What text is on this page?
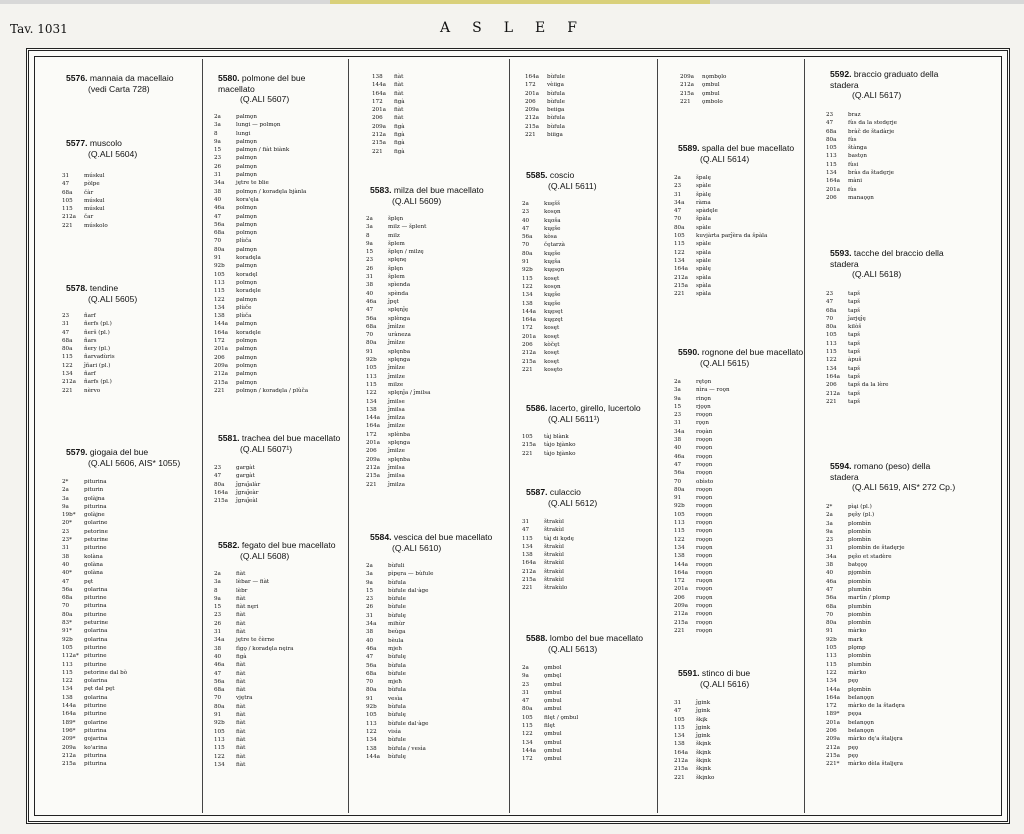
Tav. 1031	ASLEF
5576. mannaia da macellaio
(vedi Carta 728)
5577. muscolo
(Q.ALI 5604)
31	múskul
47	pòlpe
68a	čàr
105	múskul
115	múskul
212a	čar
221	múskolo
5578. tendine
(Q.ALI 5605)
23	ñarf
31	ñerfs (pl.)
47	ñerš (pl.)
68a	ñars
80a	ñery (pl.)
115	ñarvadùris
122	ĵñari (pl.)
134	ñarf
212a	ñarfs (pl.)
221	nèrvo
5579. giogaia del bue
(Q.ALI 5606, AIS* 1055)
2*	piturina
2a	piturin
3a	golàjna
9a	piturina
19b*	golàjne
20*	golarine
23	petorine
23*	peturine
31	piturine
38	kolàna
40	golàna
40*	golàna
47	pęt
56a	golarina
68a	piturine
70	piturina
80a	piturine
83*	peturine
91*	golarina
92b	golarina
105	piturine
112a* piturine
113	piturine
115	petorine dal bò
122	golarina
134	pęt dal pęt
138	golarina
144a	piturine
164a	piturine
189*	golarine
196*	piturina
209*	gojarina
209a	ko'arina
212a	piturina
215a	piturina
5580. polmone del bue macellato
(Q.ALI 5607)
2a	palmǫn
3a	lungi — polmǫn
8	lungi
9a	palmǫn
15	palmǫn / fiàt biànk
23	palmǫn
26	palmǫn
31	palmǫn
34a	jętre te blie
38	polmǫn / koradęla bjànla
40	kora'ęla
46a	polmǫn
47	palmǫn
56a	palmǫn
68a	polmǫn
70	plùča
80a	palmǫn
91	koradęla
92b	palmǫn
105	koradęl
113	polmǫn
115	koradęle
122	palmǫn
134	plùče
138	plùča
144a	palmǫn
164a	koradęle
172	polmǫn
201a	palmǫn
206	palmǫn
209a	polmǫn
212a	palmǫn
215a	palmǫn
221	polmǫn / koradęla / plùča
5581. trachea del bue macellato
(Q.ALI 5607¹)
23	gargàt
47	gargàt
80a	ĵgraĵalàr
164a	ĵgraĵeàr
215a	ĵgraĵeàl
5582. fegato del bue macellato
(Q.ALI 5608)
2a	fiàt
3a	lèbar — fiàt
8	lèbr
9a	fiàt
15	fiàt nęri
23	fiàt
26	fiàt
31	fiàt
34a	jętre te čèrne
38	fìgǫ / koradęla nęira
40	figà
46a	fiàt
47	fiàt
56a	fiàt
68a	fiàt
70	vjętra
80a	fiàt
91	fiàt
92b	fiàt
105	fiàt
113	fiàt
115	fiàt
122	fiàt
134	fiàt
138	fiàt
144a	fiàt
164a	fiàt
172	figà
201a	fiàt
206	fiàt
209a	figà
212a	figà
215a	figà
221	figà
5583. milza del bue macellato
(Q.ALI 5609)
2a	šplęn
3a	milz — šplent
8	milz
9a	šplem
15	šplęn / milzę
23	splęnę
26	šplęn
31	šplem
38	spìenda
40	spènda
46a	ĵpęt
47	splęnĵę
56a	splènga
68a	ĵmìlze
70	uràneza
80a	ĵmìlze
91	splęnba
92b	splęnga
105	ĵmìlze
113	ĵmilze
115	milze
122	splęnĵa / ĵmilsa
134	ĵmilse
138	ĵmilsa
144a	ĵmilza
164a	ĵmilze
172	splènba
201a	splęnga
206	ĵmilze
209a	splęnba
212a	ĵmilsa
215a	ĵmilsa
221	ĵmilza
5584. vescica del bue macellato
(Q.ALI 5610)
2a	bùfuli
3a	pìpęra — bùfule
9a	bùfula
15	bùfule dal·àge
23	bùfule
26	bùfule
31	bùfulę
34a	mihùr
38	beùga
40	bèula
46a	mjeh
47	bùfulę
56a	bùfula
68a	bùfule
70	mjeħ
80a	bùfula
91	vesìa
92b	bùfula
105	bùfulę
113	bùfule dal·àge
122	visìa
134	bùfule
138	bùfula / vesìa
144a	bùfulę
164a	bùfule
172	vèiiga
201a	bùfula
206	bùfule
209a	beiiga
212a	bùfula
215a	bùfula
221	biiiga
5585. coscio
(Q.ALI 5611)
2a	kuęšš
23	kosǫn
40	kųoša
47	kųęše
56a	kòsa
70	čętarzà
80a	kųęše
91	kųęša
92b	kųęsǫn
115	kosęt
122	kosǫn
134	kųęše
138	kųęše
144a	kųęsęt
164a	kųęzęt
172	kosęt
201a	kosęt
206	kòčęt
212a	kosęt
215a	kosęt
221	kosęto
5586. lacerto, girello, lucertolo
(Q.ALI 5611¹)
105	tàj blànk
215a	tàjo bjànko
221	tàjo bjànko
5587. culaccio
(Q.ALI 5612)
31	štrakùl
47	štrakùl
115	tàj di kǫdę
134	štrakùl
138	štrakùl
164a	štrakùl
212a	štrakùl
215a	štrakùl
221	štrakùlo
5588. lombo del bue macellato
(Q.ALI 5613)
2a	ǫmbol
9a	ǫmbęl
23	ǫmbul
31	ǫmbul
47	ǫmbul
80a	ambul
105	filęt / ǫmbul
115	filęt
122	ǫmbul
134	ǫmbul
144a	ǫmbul
172	ǫmbul
209a	nǫmbǫlo
212a	ǫmbul
215a	ǫmbul
221	ǫmbolo
5589. spalla del bue macellato
(Q.ALI 5614)
2a	špalę
23	spàle
31	špàlę
34a	ràma
47	spàdęle
70	špàla
80a	spàle
105	kuvjàrta parĵèra da špàla
115	spàle
122	spàla
134	spàle
164a	spàlę
212a	spàla
215a	spàla
221	spàla
5590. rognone del bue macellato
(Q.ALI 5615)
2a	rętǫn
3a	nìra — roǫn
9a	rinǫn
15	rjǫǫn
23	roǫǫn
31	rǫǫn
34a	roǫàn
38	roǫǫn
40	roǫǫn
46a	roǫǫn
47	roǫǫn
56a	roǫǫn
70	obìsto
80a	roǫǫn
91	roǫǫn
92b	roǫǫn
105	roǫǫn
113	roǫǫn
115	roǫǫn
122	roǫǫn
134	ruǫǫn
138	roǫǫn
144a	roǫǫn
164a	roǫǫn
172	ruǫǫn
201a	roǫǫn
206	ruǫǫn
209a	roǫǫn
212a	roǫǫn
215a	roǫǫn
221	roǫǫn
5591. stinco di bue
(Q.ALI 5616)
31	ĵgink
47	ĵgink
105	škįk
115	ĵgink
134	ĵgink
138	škįnk
164a	škįnk
212a	škįnk
215a	škįnk
221	škįnko
5592. braccio graduato della stadera
(Q.ALI 5617)
23	braz
47	fùs da la stedęrje
68a	bràč de štadàrje
80a	fùs
105	štànga
113	bastǫn
115	fùsi
134	bràs da štadęrje
164a	màni
201a	fùs
206	manaǫǫn
5593. tacche del braccio della stadera
(Q.ALI 5618)
23	tapš
47	tapš
68a	tapš
70	ĵarjęĵę
80a	kilòš
105	tapš
113	tapš
115	tapš
122	àpuš
134	tapš
164a	tapš
206	tapš da la lère
212a	tapš
221	tapš
5594. romano (peso) della stadera
(Q.ALI 5619, AIS* 272 Cp.)
2*	pìąi (pl.)
2a	pęšy (pl.)
3a	plombìn
9a	plombìn
23	plombìn
31	plombìn de štadęrje
34a	pęšo et stadère
38	batęǫǫ
40	pjǫmbìn
46a	piombìn
47	plumbìn
56a	martìn / plomp
68a	plumbìn
70	piombìn
80a	plombìn
91	màrko
92b	mark
105	plǫmp
113	plombìn
115	plumbìn
122	màrko
134	pęǫ
144a	plǫmbìn
164a	belanǫǫn
172	màrko de la štadęra
189*	pęǫa
201a	belanǫǫn
206	belanǫǫn
209a	màrko dę'a štaljęra
212a	pęǫ
215a	pęǫ
221*	màrko dèla štaljęra
